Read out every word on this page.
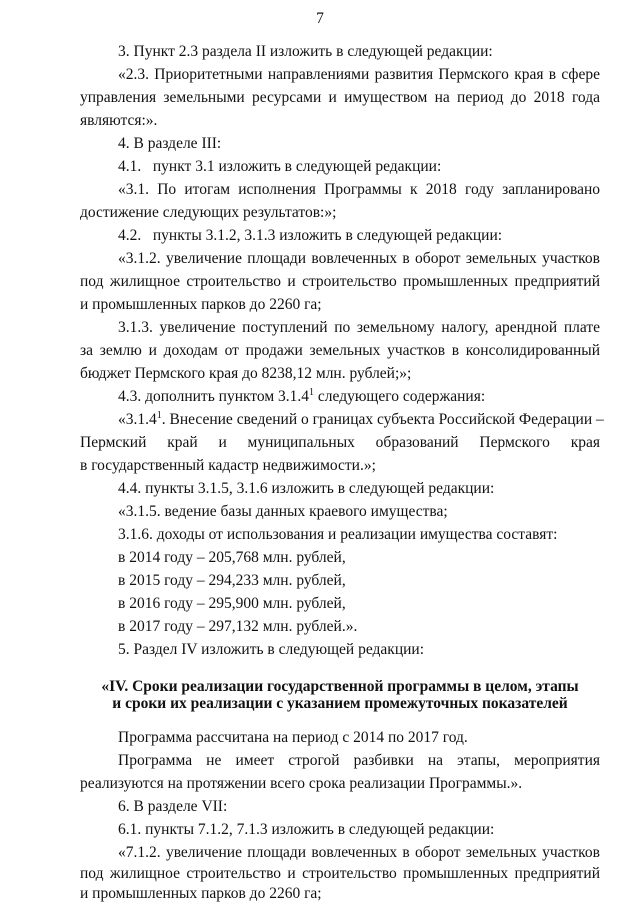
7
3. Пункт 2.3 раздела II изложить в следующей редакции:
«2.3. Приоритетными направлениями развития Пермского края в сфере
управления земельными ресурсами и имуществом на период до 2018 года
являются:».
4. В разделе III:
4.1.   пункт 3.1 изложить в следующей редакции:
«3.1. По итогам исполнения Программы к 2018 году запланировано
достижение следующих результатов:»;
4.2.   пункты 3.1.2, 3.1.3 изложить в следующей редакции:
«3.1.2. увеличение площади вовлеченных в оборот земельных участков
под жилищное строительство и строительство промышленных предприятий
и промышленных парков до 2260 га;
3.1.3. увеличение поступлений по земельному налогу, арендной плате
за землю и доходам от продажи земельных участков в консолидированный
бюджет Пермского края до 8238,12 млн. рублей;»;
4.3. дополнить пунктом 3.1.4$^1$ следующего содержания:
«3.1.4$^1$. Внесение сведений о границах субъекта Российской Федерации –
Пермский край и муниципальных образований Пермского края
в государственный кадастр недвижимости.»;
4.4. пункты 3.1.5, 3.1.6 изложить в следующей редакции:
«3.1.5. ведение базы данных краевого имущества;
3.1.6. доходы от использования и реализации имущества составят:
в 2014 году – 205,768 млн. рублей,
в 2015 году – 294,233 млн. рублей,
в 2016 году – 295,900 млн. рублей,
в 2017 году – 297,132 млн. рублей.».
5. Раздел IV изложить в следующей редакции:
«IV. Сроки реализации государственной программы в целом, этапы
и сроки их реализации с указанием промежуточных показателей
Программа рассчитана на период с 2014 по 2017 год.
Программа не имеет строгой разбивки на этапы, мероприятия
реализуются на протяжении всего срока реализации Программы.».
6. В разделе VII:
6.1. пункты 7.1.2, 7.1.3 изложить в следующей редакции:
«7.1.2. увеличение площади вовлеченных в оборот земельных участков
под жилищное строительство и строительство промышленных предприятий
и промышленных парков до 2260 га;
